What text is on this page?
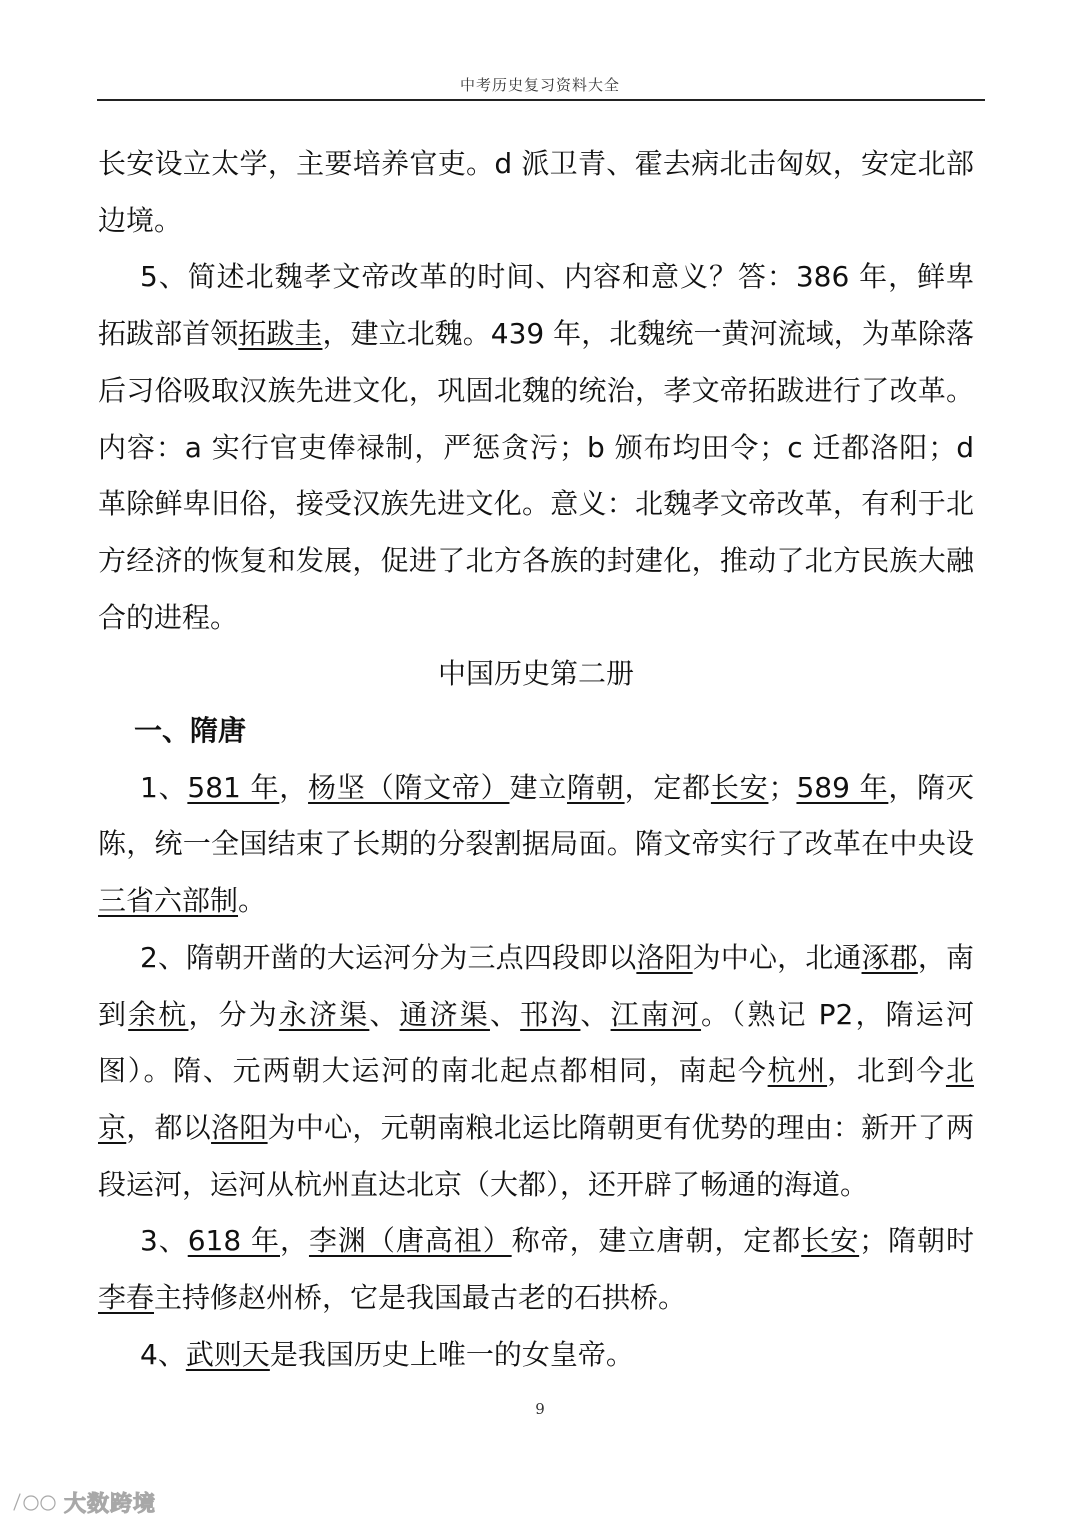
中考历史复习资料大全

长安设立太学，主要培养官吏。d 派卫青、霍去病北击匈奴，安定北部边境。

5、简述北魏孝文帝改革的时间、内容和意义？答：386 年，鲜卑拓跋部首领拓跋圭，建立北魏。439 年，北魏统一黄河流域，为革除落后习俗吸取汉族先进文化，巩固北魏的统治，孝文帝拓跋进行了改革。内容：a 实行官吏俸禄制，严惩贪污；b 颁布均田令；c 迁都洛阳；d 革除鲜卑旧俗，接受汉族先进文化。意义：北魏孝文帝改革，有利于北方经济的恢复和发展，促进了北方各族的封建化，推动了北方民族大融合的进程。

中国历史第二册

一、隋唐

1、581 年，杨坚（隋文帝）建立隋朝，定都长安；589 年，隋灭陈，统一全国结束了长期的分裂割据局面。隋文帝实行了改革在中央设三省六部制。

2、隋朝开凿的大运河分为三点四段即以洛阳为中心，北通涿郡，南到余杭，分为永济渠、通济渠、邗沟、江南河。（熟记 P2，隋运河图）。隋、元两朝大运河的南北起点都相同，南起今杭州，北到今北京，都以洛阳为中心，元朝南粮北运比隋朝更有优势的理由：新开了两段运河，运河从杭州直达北京（大都），还开辟了畅通的海道。

3、618 年，李渊（唐高祖）称帝，建立唐朝，定都长安；隋朝时李春主持修赵州桥，它是我国最古老的石拱桥。

4、武则天是我国历史上唯一的女皇帝。

9
大数跨境
